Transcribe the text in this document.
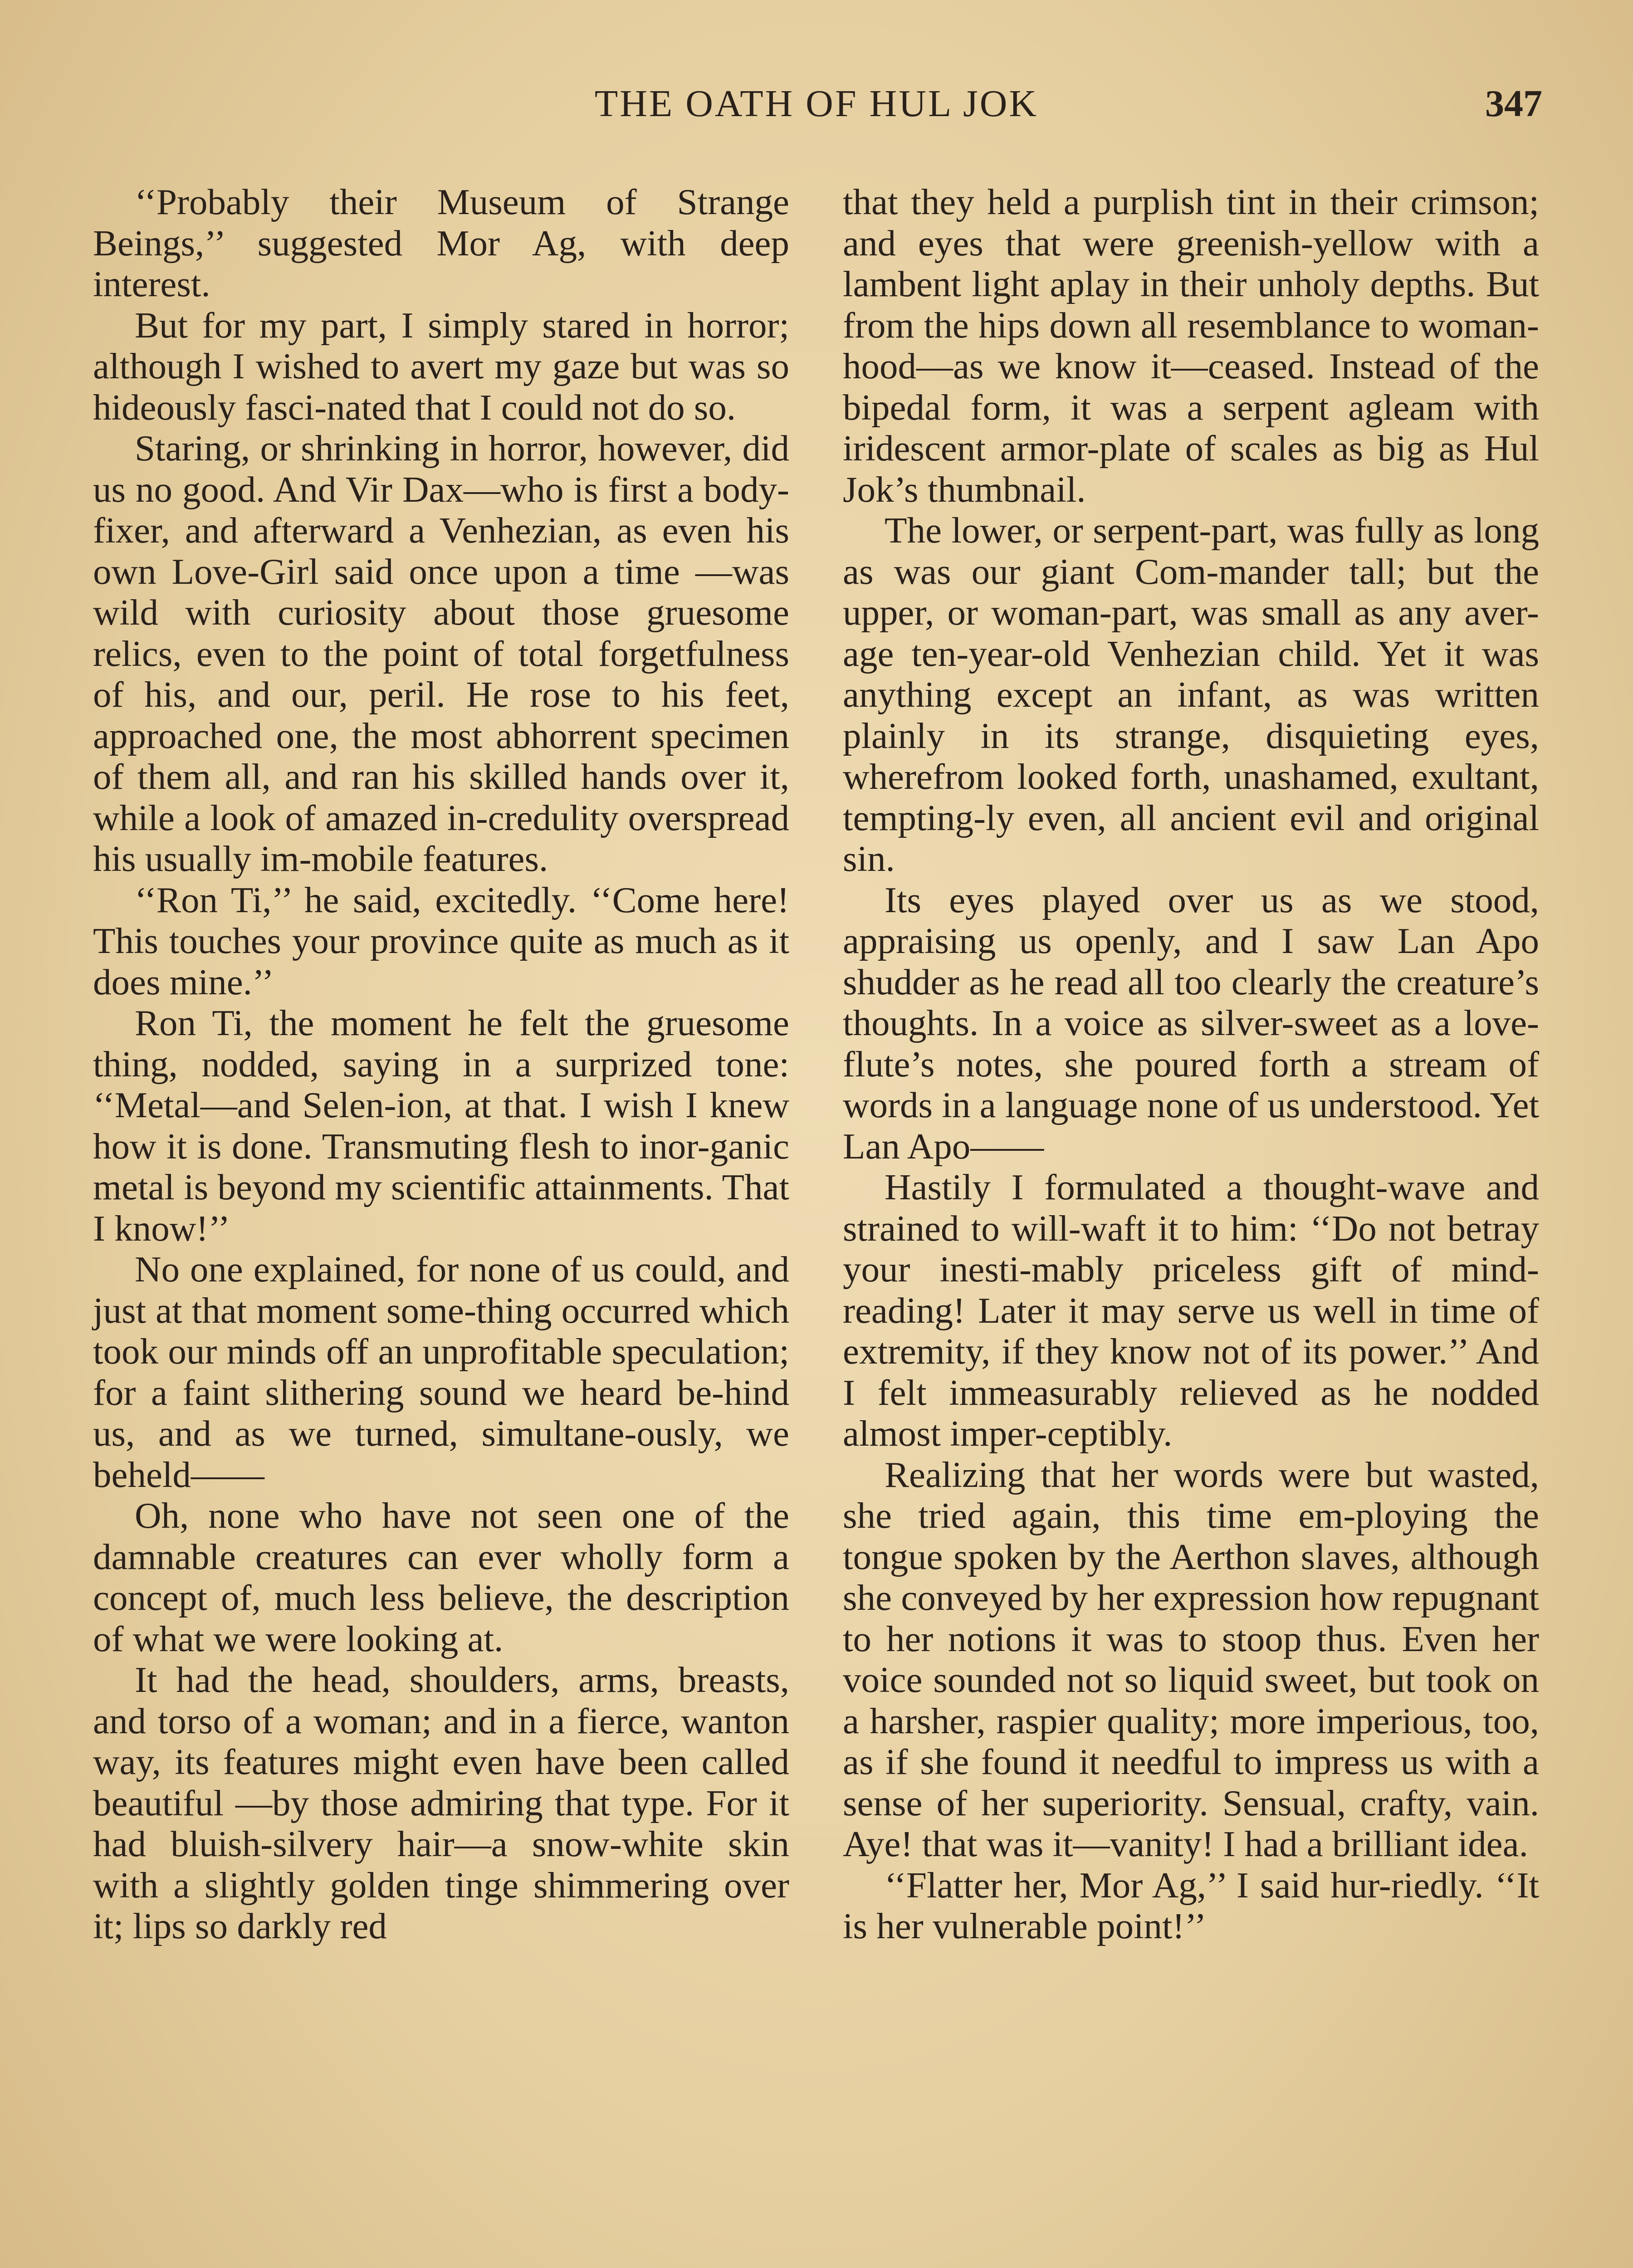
THE OATH OF HUL JOK	347

‘‘Probably their Museum of Strange Beings,’’ suggested Mor Ag, with deep interest.

But for my part, I simply stared in horror; although I wished to avert my gaze but was so hideously fasci-nated that I could not do so.

Staring, or shrinking in horror, however, did us no good. And Vir Dax—who is first a body-fixer, and afterward a Venhezian, as even his own Love-Girl said once upon a time —was wild with curiosity about those gruesome relics, even to the point of total forgetfulness of his, and our, peril. He rose to his feet, approached one, the most abhorrent specimen of them all, and ran his skilled hands over it, while a look of amazed in-credulity overspread his usually im-mobile features.

‘‘Ron Ti,’’ he said, excitedly. ‘‘Come here! This touches your province quite as much as it does mine.’’

Ron Ti, the moment he felt the gruesome thing, nodded, saying in a surprized tone: ‘‘Metal—and Selen-ion, at that. I wish I knew how it is done. Transmuting flesh to inor-ganic metal is beyond my scientific attainments. That I know!’’

No one explained, for none of us could, and just at that moment some-thing occurred which took our minds off an unprofitable speculation; for a faint slithering sound we heard be-hind us, and as we turned, simultane-ously, we beheld——

Oh, none who have not seen one of the damnable creatures can ever wholly form a concept of, much less believe, the description of what we were looking at.

It had the head, shoulders, arms, breasts, and torso of a woman; and in a fierce, wanton way, its features might even have been called beautiful —by those admiring that type. For it had bluish-silvery hair—a snow-white skin with a slightly golden tinge shimmering over it; lips so darkly red

that they held a purplish tint in their crimson; and eyes that were greenish-yellow with a lambent light aplay in their unholy depths. But from the hips down all resemblance to woman-hood—as we know it—ceased. Instead of the bipedal form, it was a serpent agleam with iridescent armor-plate of scales as big as Hul Jok’s thumbnail.

The lower, or serpent-part, was fully as long as was our giant Com-mander tall; but the upper, or woman-part, was small as any aver-age ten-year-old Venhezian child. Yet it was anything except an infant, as was written plainly in its strange, disquieting eyes, wherefrom looked forth, unashamed, exultant, tempting-ly even, all ancient evil and original sin.

Its eyes played over us as we stood, appraising us openly, and I saw Lan Apo shudder as he read all too clearly the creature’s thoughts. In a voice as silver-sweet as a love-flute’s notes, she poured forth a stream of words in a language none of us understood. Yet Lan Apo——

Hastily I formulated a thought-wave and strained to will-waft it to him: ‘‘Do not betray your inesti-mably priceless gift of mind-reading! Later it may serve us well in time of extremity, if they know not of its power.’’ And I felt immeasurably relieved as he nodded almost imper-ceptibly.

Realizing that her words were but wasted, she tried again, this time em-ploying the tongue spoken by the Aerthon slaves, although she conveyed by her expression how repugnant to her notions it was to stoop thus. Even her voice sounded not so liquid sweet, but took on a harsher, raspier quality; more imperious, too, as if she found it needful to impress us with a sense of her superiority. Sensual, crafty, vain. Aye! that was it—vanity! I had a brilliant idea.

‘‘Flatter her, Mor Ag,’’ I said hur-riedly. ‘‘It is her vulnerable point!’’
